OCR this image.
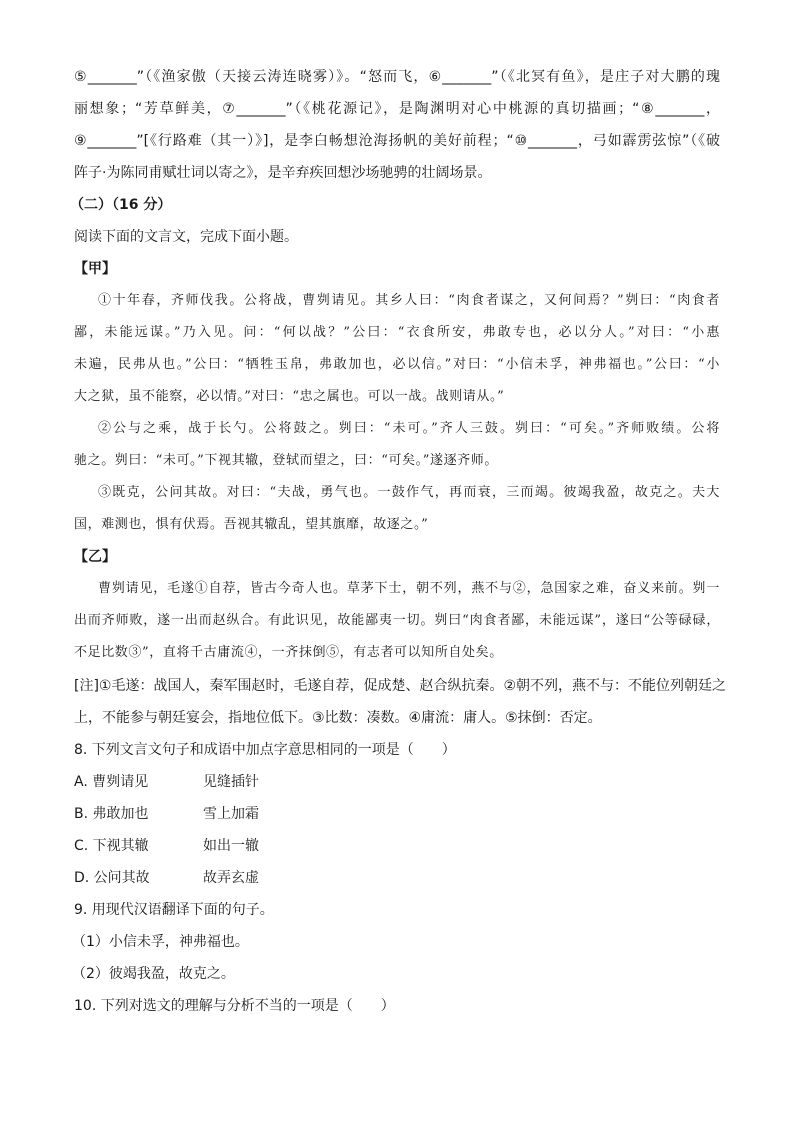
⑤_______”（《渔家傲（天接云涛连晓雾）》。“怒而飞，⑥_______”（《北冥有鱼》，是庄子对大鹏的瑰
丽想象；“芳草鲜美，⑦_______”（《桃花源记》，是陶渊明对心中桃源的真切描画；“⑧_______，
⑨_______”[《行路难（其一）》]，是李白畅想沧海扬帆的美好前程；“⑩_______，弓如霹雳弦惊”（《破
阵子·为陈同甫赋壮词以寄之》，是辛弃疾回想沙场驰骋的壮阔场景。
（二）（16 分）
阅读下面的文言文，完成下面小题。
【甲】
①十年春，齐师伐我。公将战，曹刿请见。其乡人曰：“肉食者谋之，又何间焉？”刿曰：“肉食者
鄙，未能远谋。”乃入见。问：“何以战？”公曰：“衣食所安，弗敢专也，必以分人。”对曰：“小惠
未遍，民弗从也。”公曰：“牺牲玉帛，弗敢加也，必以信。”对曰：“小信未孚，神弗福也。”公曰：“小
大之狱，虽不能察，必以情。”对曰：“忠之属也。可以一战。战则请从。”
②公与之乘，战于长勺。公将鼓之。刿曰：“未可。”齐人三鼓。刿曰：“可矣。”齐师败绩。公将
驰之。刿曰：“未可。”下视其辙，登轼而望之，曰：“可矣。”遂逐齐师。
③既克，公问其故。对曰：“夫战，勇气也。一鼓作气，再而衰，三而竭。彼竭我盈，故克之。夫大
国，难测也，惧有伏焉。吾视其辙乱，望其旗靡，故逐之。”
【乙】
曹刿请见，毛遂①自荐，皆古今奇人也。草茅下士，朝不列，燕不与②，急国家之难，奋义来前。刿一
出而齐师败，遂一出而赵纵合。有此识见，故能鄙夷一切。刿曰“肉食者鄙，未能远谋”，遂曰“公等碌碌，
不足比数③”，直将千古庸流④，一齐抹倒⑤，有志者可以知所自处矣。
[注]①毛遂：战国人，秦军围赵时，毛遂自荐，促成楚、赵合纵抗秦。②朝不列，燕不与：不能位列朝廷之
上，不能参与朝廷宴会，指地位低下。③比数：凑数。④庸流：庸人。⑤抹倒：否定。
8. 下列文言文句子和成语中加点字意思相同的一项是（　　）
A. 曹刿请见	见缝插针
B. 弗敢加也	雪上加霜
C. 下视其辙	如出一辙
D. 公问其故	故弄玄虚
9. 用现代汉语翻译下面的句子。
（1）小信未孚，神弗福也。
（2）彼竭我盈，故克之。
10. 下列对选文的理解与分析不当的一项是（　　）
